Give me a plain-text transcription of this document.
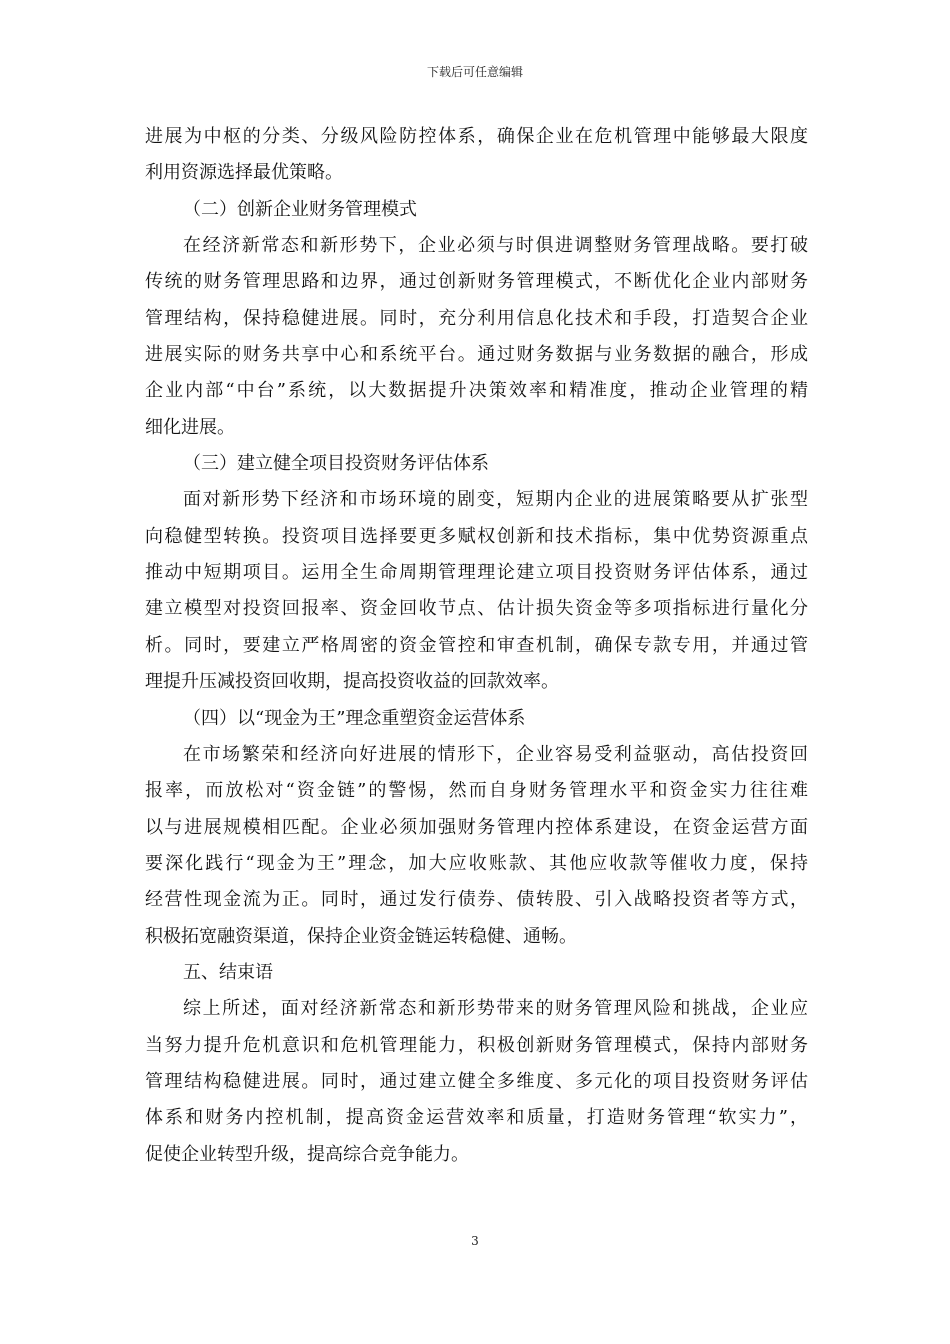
下载后可任意编辑
进展为中枢的分类、分级风险防控体系，确保企业在危机管理中能够最大限度
利用资源选择最优策略。
（二）创新企业财务管理模式
在经济新常态和新形势下，企业必须与时俱进调整财务管理战略。要打破
传统的财务管理思路和边界，通过创新财务管理模式，不断优化企业内部财务
管理结构，保持稳健进展。同时，充分利用信息化技术和手段，打造契合企业
进展实际的财务共享中心和系统平台。通过财务数据与业务数据的融合，形成
企业内部“中台”系统，以大数据提升决策效率和精准度，推动企业管理的精
细化进展。
（三）建立健全项目投资财务评估体系
面对新形势下经济和市场环境的剧变，短期内企业的进展策略要从扩张型
向稳健型转换。投资项目选择要更多赋权创新和技术指标，集中优势资源重点
推动中短期项目。运用全生命周期管理理论建立项目投资财务评估体系，通过
建立模型对投资回报率、资金回收节点、估计损失资金等多项指标进行量化分
析。同时，要建立严格周密的资金管控和审查机制，确保专款专用，并通过管
理提升压减投资回收期，提高投资收益的回款效率。
（四）以“现金为王”理念重塑资金运营体系
在市场繁荣和经济向好进展的情形下，企业容易受利益驱动，高估投资回
报率，而放松对“资金链”的警惕，然而自身财务管理水平和资金实力往往难
以与进展规模相匹配。企业必须加强财务管理内控体系建设，在资金运营方面
要深化践行“现金为王”理念，加大应收账款、其他应收款等催收力度，保持
经营性现金流为正。同时，通过发行债券、债转股、引入战略投资者等方式，
积极拓宽融资渠道，保持企业资金链运转稳健、通畅。
五、结束语
综上所述，面对经济新常态和新形势带来的财务管理风险和挑战，企业应
当努力提升危机意识和危机管理能力，积极创新财务管理模式，保持内部财务
管理结构稳健进展。同时，通过建立健全多维度、多元化的项目投资财务评估
体系和财务内控机制，提高资金运营效率和质量，打造财务管理“软实力”，
促使企业转型升级，提高综合竞争能力。
3
